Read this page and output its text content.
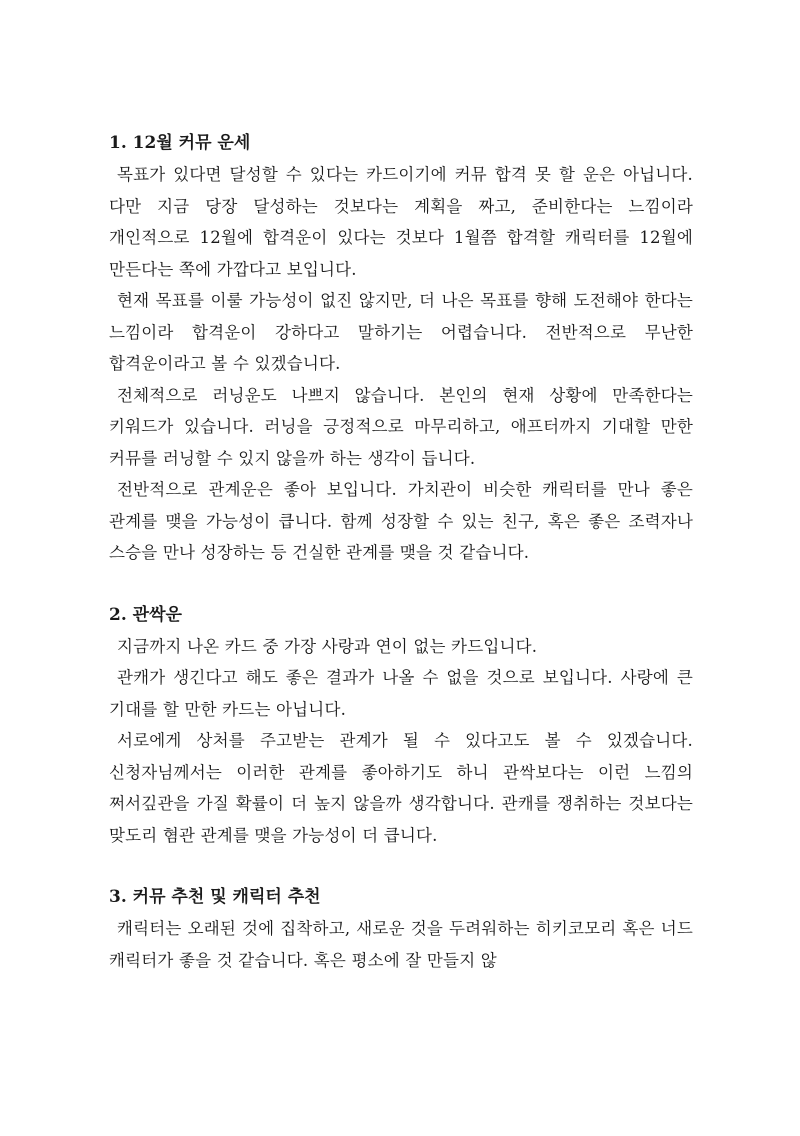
1. 12월 커뮤 운세

목표가 있다면 달성할 수 있다는 카드이기에 커뮤 합격 못 할 운은 아닙니다. 다만 지금 당장 달성하는 것보다는 계획을 짜고, 준비한다는 느낌이라 개인적으로 12월에 합격운이 있다는 것보다 1월쯤 합격할 캐릭터를 12월에 만든다는 쪽에 가깝다고 보입니다.

현재 목표를 이룰 가능성이 없진 않지만, 더 나은 목표를 향해 도전해야 한다는 느낌이라 합격운이 강하다고 말하기는 어렵습니다. 전반적으로 무난한 합격운이라고 볼 수 있겠습니다.

전체적으로 러닝운도 나쁘지 않습니다. 본인의 현재 상황에 만족한다는 키워드가 있습니다. 러닝을 긍정적으로 마무리하고, 애프터까지 기대할 만한 커뮤를 러닝할 수 있지 않을까 하는 생각이 듭니다.

전반적으로 관계운은 좋아 보입니다. 가치관이 비슷한 캐릭터를 만나 좋은 관계를 맺을 가능성이 큽니다. 함께 성장할 수 있는 친구, 혹은 좋은 조력자나 스승을 만나 성장하는 등 건실한 관계를 맺을 것 같습니다.

2. 관싹운

지금까지 나온 카드 중 가장 사랑과 연이 없는 카드입니다.

관캐가 생긴다고 해도 좋은 결과가 나올 수 없을 것으로 보입니다. 사랑에 큰 기대를 할 만한 카드는 아닙니다.

서로에게 상처를 주고받는 관계가 될 수 있다고도 볼 수 있겠습니다. 신청자님께서는 이러한 관계를 좋아하기도 하니 관싹보다는 이런 느낌의 쩌서깊관을 가질 확률이 더 높지 않을까 생각합니다. 관캐를 쟁취하는 것보다는 맞도리 혐관 관계를 맺을 가능성이 더 큽니다.

3. 커뮤 추천 및 캐릭터 추천

캐릭터는 오래된 것에 집착하고, 새로운 것을 두려워하는 히키코모리 혹은 너드 캐릭터가 좋을 것 같습니다. 혹은 평소에 잘 만들지 않
